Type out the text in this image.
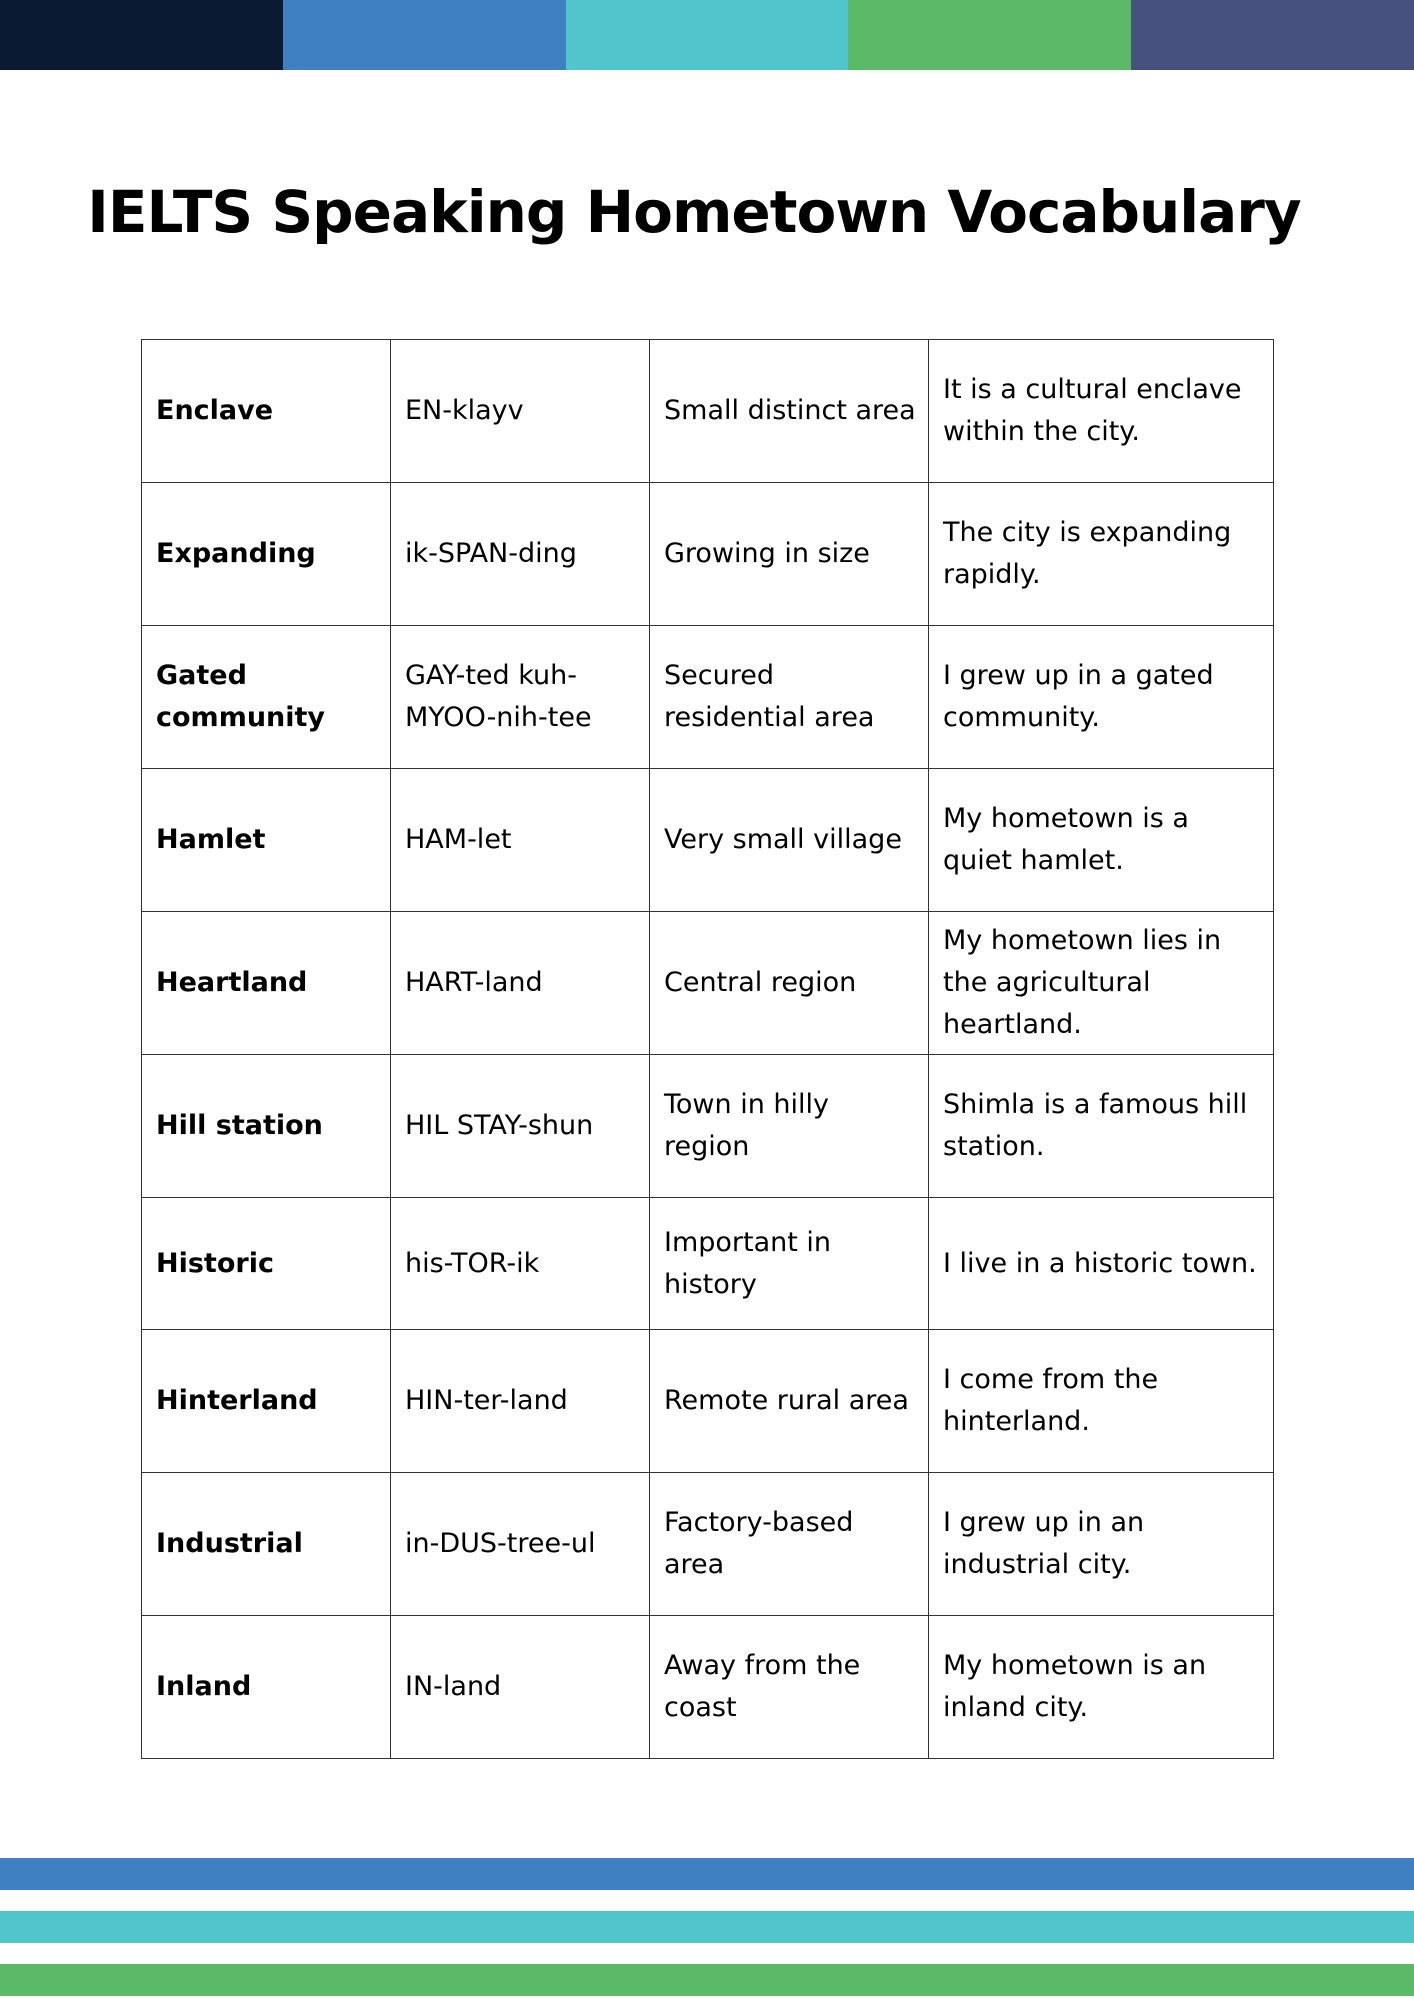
IELTS Speaking Hometown Vocabulary
Enclave	EN-klayv	Small distinct area	It is a cultural enclave within the city.
Expanding	ik-SPAN-ding	Growing in size	The city is expanding rapidly.
Gated community	GAY-ted kuh-MYOO-nih-tee	Secured residential area	I grew up in a gated community.
Hamlet	HAM-let	Very small village	My hometown is a quiet hamlet.
Heartland	HART-land	Central region	My hometown lies in the agricultural heartland.
Hill station	HIL STAY-shun	Town in hilly region	Shimla is a famous hill station.
Historic	his-TOR-ik	Important in history	I live in a historic town.
Hinterland	HIN-ter-land	Remote rural area	I come from the hinterland.
Industrial	in-DUS-tree-ul	Factory-based area	I grew up in an industrial city.
Inland	IN-land	Away from the coast	My hometown is an inland city.
